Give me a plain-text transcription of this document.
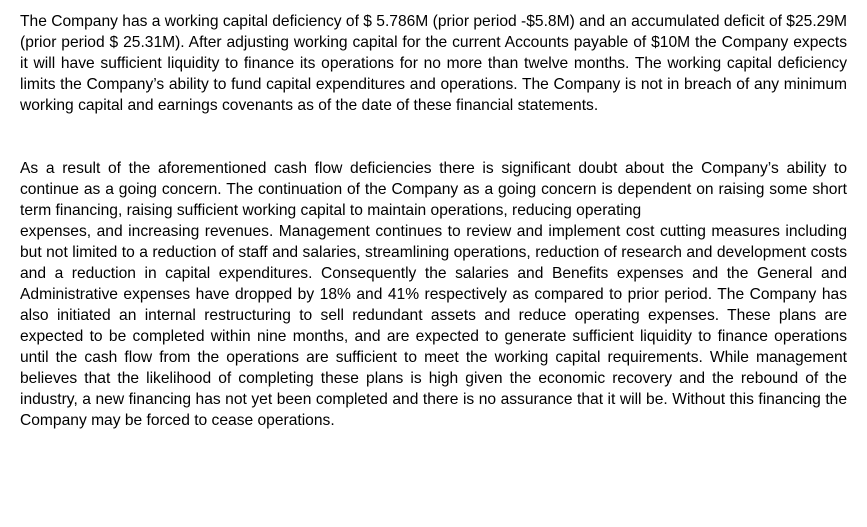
The Company has a working capital deficiency of $ 5.786M (prior period -$5.8M) and an accumulated deficit of $25.29M (prior period $ 25.31M). After adjusting working capital for the current Accounts payable of $10M the Company expects it will have sufficient liquidity to finance its operations for no more than twelve months. The working capital deficiency limits the Company’s ability to fund capital expenditures and operations. The Company is not in breach of any minimum working capital and earnings covenants as of the date of these financial statements.

As a result of the aforementioned cash flow deficiencies there is significant doubt about the Company’s ability to continue as a going concern. The continuation of the Company as a going concern is dependent on raising some short term financing, raising sufficient working capital to maintain operations, reducing operating

expenses, and increasing revenues. Management continues to review and implement cost cutting measures including but not limited to a reduction of staff and salaries, streamlining operations, reduction of research and development costs and a reduction in capital expenditures. Consequently the salaries and Benefits expenses and the General and Administrative expenses have dropped by 18% and 41% respectively as compared to prior period. The Company has also initiated an internal restructuring to sell redundant assets and reduce operating expenses. These plans are expected to be completed within nine months, and are expected to generate sufficient liquidity to finance operations until the cash flow from the operations are sufficient to meet the working capital requirements. While management believes that the likelihood of completing these plans is high given the economic recovery and the rebound of the industry, a new financing has not yet been completed and there is no assurance that it will be. Without this financing the Company may be forced to cease operations.
